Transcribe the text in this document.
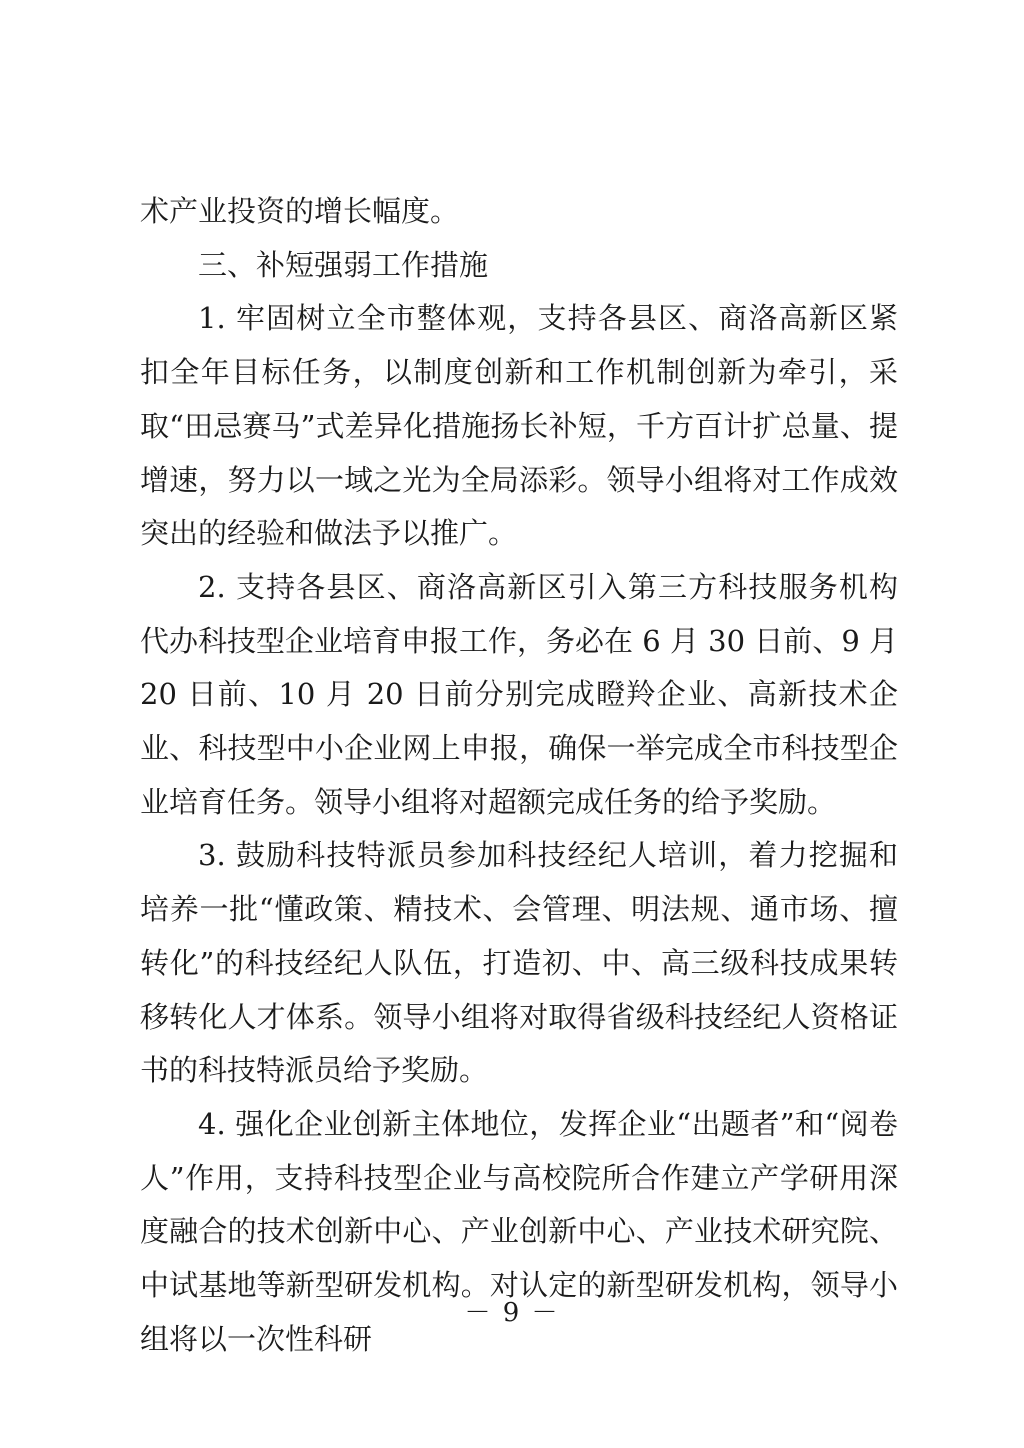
术产业投资的增长幅度。

三、补短强弱工作措施

1. 牢固树立全市整体观，支持各县区、商洛高新区紧扣全年目标任务，以制度创新和工作机制创新为牵引，采取“田忌赛马”式差异化措施扬长补短，千方百计扩总量、提增速，努力以一域之光为全局添彩。领导小组将对工作成效突出的经验和做法予以推广。

2. 支持各县区、商洛高新区引入第三方科技服务机构代办科技型企业培育申报工作，务必在 6 月 30 日前、9 月 20 日前、10 月 20 日前分别完成瞪羚企业、高新技术企业、科技型中小企业网上申报，确保一举完成全市科技型企业培育任务。领导小组将对超额完成任务的给予奖励。

3. 鼓励科技特派员参加科技经纪人培训，着力挖掘和培养一批“懂政策、精技术、会管理、明法规、通市场、擅转化”的科技经纪人队伍，打造初、中、高三级科技成果转移转化人才体系。领导小组将对取得省级科技经纪人资格证书的科技特派员给予奖励。

4. 强化企业创新主体地位，发挥企业“出题者”和“阅卷人”作用，支持科技型企业与高校院所合作建立产学研用深度融合的技术创新中心、产业创新中心、产业技术研究院、中试基地等新型研发机构。对认定的新型研发机构，领导小组将以一次性科研

－ 9 －
